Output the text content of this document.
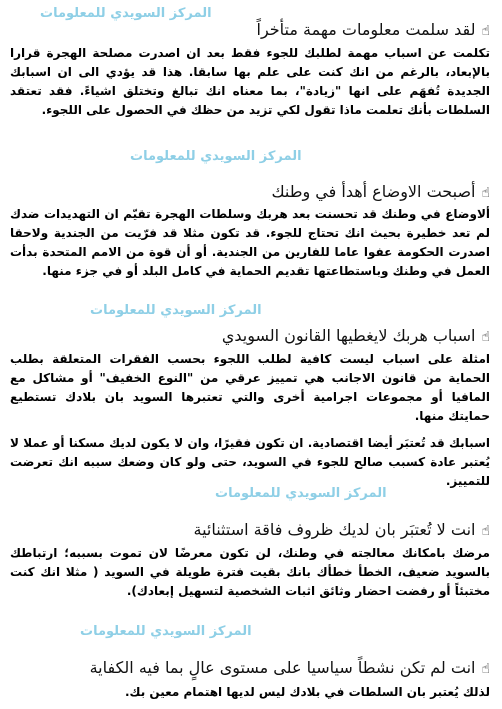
المركز السويدي للمعلومات
المركز السويدي للمعلومات
المركز السويدي للمعلومات
المركز السويدي للمعلومات
المركز السويدي للمعلومات
☝لقد سلمت معلومات مهمة متأخراً
تكلمت عن اسباب مهمة لطلبك للجوء فقط بعد ان اصدرت مصلحة الهجرة قرارا بالإبعاد، بالرغم من انك كنت على علم بها سابقا. هذا قد يؤدي الى ان اسبابك الجديدة تُفهَم على انها "زيادة"، بما معناه انك تبالغ وتختلق اشياءً. فقد تعتقد السلطات بأنك تعلمت ماذا تقول لكي تزيد من حظك في الحصول على اللجوء.
☝أصبحت الاوضاع أهدأ في وطنك
ألاوضاع في وطنك قد تحسنت بعد هربك وسلطات الهجرة تقيّم ان التهديدات ضدك لم تعد خطيرة بحيث انك تحتاج للجوء. قد تكون مثلا قد فرّيت من الجندية ولاحقا اصدرت الحكومة عفوا عاما للفارين من الجندية. أو أن قوة من الامم المتحدة بدأت العمل في وطنك وباستطاعتها تقديم الحماية في كامل البلد أو في جزء منها.
☝اسباب هربك لايغطيها القانون السويدي
امثلة على اسباب ليست كافية لطلب اللجوء بحسب الفقرات المتعلقة بطلب الحماية من قانون الاجانب هي تمييز عرقي من "النوع الخفيف" أو مشاكل مع المافيا أو مجموعات اجرامية أخرى والتي تعتبرها السويد بان بلادك تستطيع حمايتك منها.
اسبابك قد تُعتبَر أيضا اقتصادية. ان تكون فقيرًا، وان لا يكون لديك مسكنا أو عملا لا يُعتبر عادة كسبب صالح للجوء في السويد، حتى ولو كان وضعك سببه انك تعرضت للتمييز.
☝انت لا تُعتبَر بان لديك ظروف فاقة استثنائية
مرضك بامكانك معالجته في وطنك، لن تكون معرضًا لان تموت بسببه؛ ارتباطك بالسويد ضعيف، الخطأ خطأك بانك بقيت فترة طويلة في السويد ( مثلا انك كنت مختبئاً أو رفضت احضار وثائق اثبات الشخصية لتسهيل إبعادك).
☝انت لم تكن نشطاً سياسيا على مستوى عالٍ بما فيه الكفاية
لذلك يُعتبر بان السلطات في بلادك ليس لديها اهتمام معين بك.
